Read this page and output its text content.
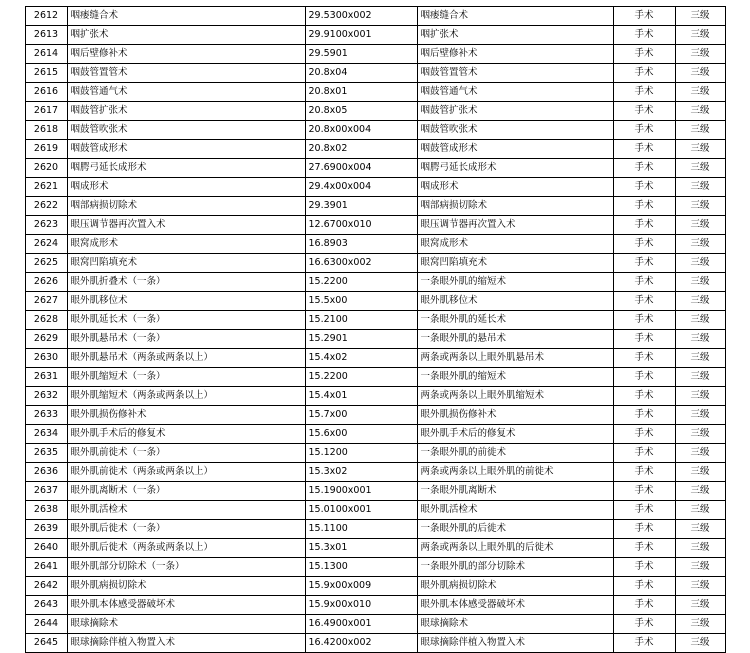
2612	咽瘘缝合术	29.5300x002	咽瘘缝合术	手术	三级
2613	咽扩张术	29.9100x001	咽扩张术	手术	三级
2614	咽后壁修补术	29.5901	咽后壁修补术	手术	三级
2615	咽鼓管置管术	20.8x04	咽鼓管置管术	手术	三级
2616	咽鼓管通气术	20.8x01	咽鼓管通气术	手术	三级
2617	咽鼓管扩张术	20.8x05	咽鼓管扩张术	手术	三级
2618	咽鼓管吹张术	20.8x00x004	咽鼓管吹张术	手术	三级
2619	咽鼓管成形术	20.8x02	咽鼓管成形术	手术	三级
2620	咽腭弓延长成形术	27.6900x004	咽腭弓延长成形术	手术	三级
2621	咽成形术	29.4x00x004	咽成形术	手术	三级
2622	咽部病损切除术	29.3901	咽部病损切除术	手术	三级
2623	眼压调节器再次置入术	12.6700x010	眼压调节器再次置入术	手术	三级
2624	眼窝成形术	16.8903	眼窝成形术	手术	三级
2625	眼窝凹陷填充术	16.6300x002	眼窝凹陷填充术	手术	三级
2626	眼外肌折叠术（一条）	15.2200	一条眼外肌的缩短术	手术	三级
2627	眼外肌移位术	15.5x00	眼外肌移位术	手术	三级
2628	眼外肌延长术（一条）	15.2100	一条眼外肌的延长术	手术	三级
2629	眼外肌悬吊术（一条）	15.2901	一条眼外肌的悬吊术	手术	三级
2630	眼外肌悬吊术（两条或两条以上）	15.4x02	两条或两条以上眼外肌悬吊术	手术	三级
2631	眼外肌缩短术（一条）	15.2200	一条眼外肌的缩短术	手术	三级
2632	眼外肌缩短术（两条或两条以上）	15.4x01	两条或两条以上眼外肌缩短术	手术	三级
2633	眼外肌损伤修补术	15.7x00	眼外肌损伤修补术	手术	三级
2634	眼外肌手术后的修复术	15.6x00	眼外肌手术后的修复术	手术	三级
2635	眼外肌前徙术（一条）	15.1200	一条眼外肌的前徙术	手术	三级
2636	眼外肌前徙术（两条或两条以上）	15.3x02	两条或两条以上眼外肌的前徙术	手术	三级
2637	眼外肌离断术（一条）	15.1900x001	一条眼外肌离断术	手术	三级
2638	眼外肌活检术	15.0100x001	眼外肌活检术	手术	三级
2639	眼外肌后徙术（一条）	15.1100	一条眼外肌的后徙术	手术	三级
2640	眼外肌后徙术（两条或两条以上）	15.3x01	两条或两条以上眼外肌的后徙术	手术	三级
2641	眼外肌部分切除术（一条）	15.1300	一条眼外肌的部分切除术	手术	三级
2642	眼外肌病损切除术	15.9x00x009	眼外肌病损切除术	手术	三级
2643	眼外肌本体感受器破坏术	15.9x00x010	眼外肌本体感受器破坏术	手术	三级
2644	眼球摘除术	16.4900x001	眼球摘除术	手术	三级
2645	眼球摘除伴植入物置入术	16.4200x002	眼球摘除伴植入物置入术	手术	三级
